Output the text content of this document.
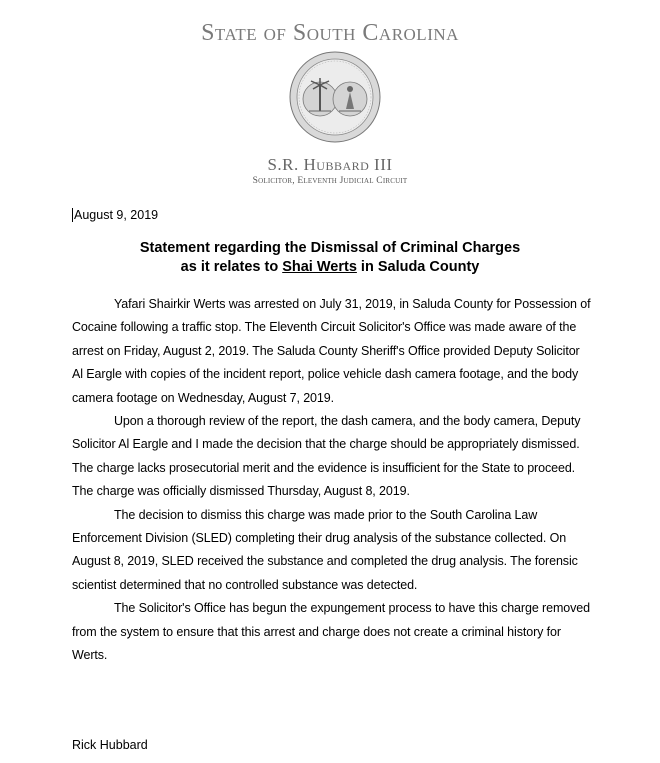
State of South Carolina
S.R. Hubbard III
Solicitor, Eleventh Judicial Circuit
August 9, 2019
Statement regarding the Dismissal of Criminal Charges
as it relates to Shai Werts in Saluda County

Yafari Shairkir Werts was arrested on July 31, 2019, in Saluda County for Possession of Cocaine following a traffic stop. The Eleventh Circuit Solicitor's Office was made aware of the arrest on Friday, August 2, 2019. The Saluda County Sheriff's Office provided Deputy Solicitor Al Eargle with copies of the incident report, police vehicle dash camera footage, and the body camera footage on Wednesday, August 7, 2019.

Upon a thorough review of the report, the dash camera, and the body camera, Deputy Solicitor Al Eargle and I made the decision that the charge should be appropriately dismissed. The charge lacks prosecutorial merit and the evidence is insufficient for the State to proceed. The charge was officially dismissed Thursday, August 8, 2019.

The decision to dismiss this charge was made prior to the South Carolina Law Enforcement Division (SLED) completing their drug analysis of the substance collected. On August 8, 2019, SLED received the substance and completed the drug analysis. The forensic scientist determined that no controlled substance was detected.

The Solicitor's Office has begun the expungement process to have this charge removed from the system to ensure that this arrest and charge does not create a criminal history for Werts.

Rick Hubbard
